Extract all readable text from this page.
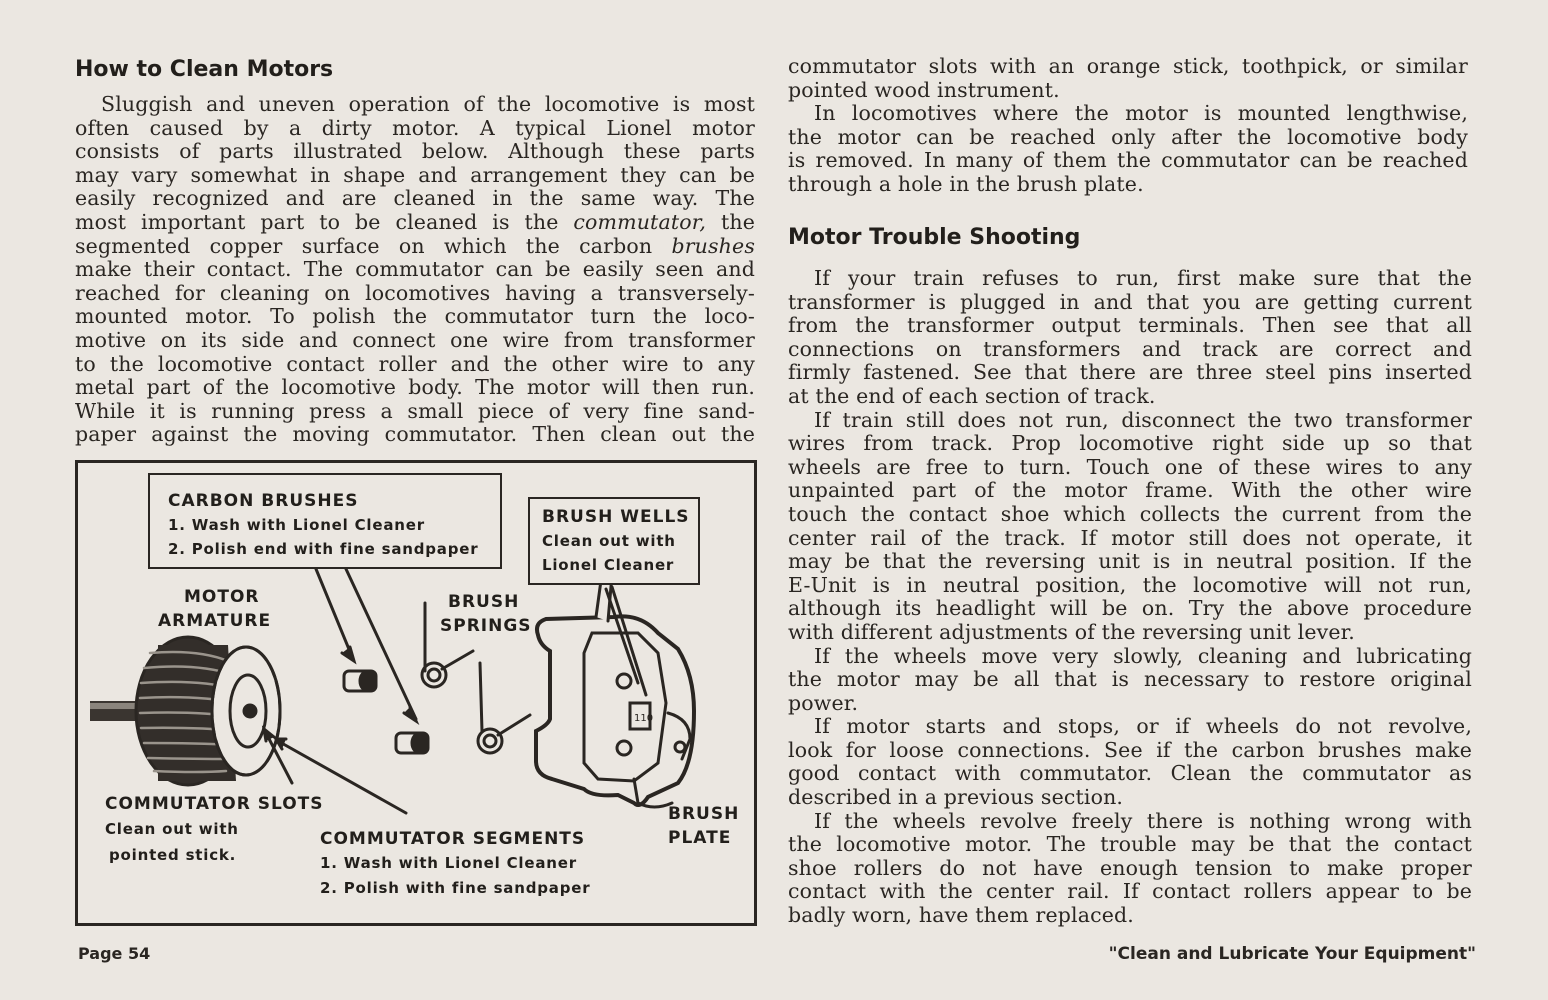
How to Clean Motors
Sluggish and uneven operation of the locomotive is most
often caused by a dirty motor. A typical Lionel motor
consists of parts illustrated below. Although these parts
may vary somewhat in shape and arrangement they can be
easily recognized and are cleaned in the same way. The
most important part to be cleaned is the commutator, the
segmented copper surface on which the carbon brushes
make their contact. The commutator can be easily seen and
reached for cleaning on locomotives having a transversely-
mounted motor. To polish the commutator turn the loco-
motive on its side and connect one wire from transformer
to the locomotive contact roller and the other wire to any
metal part of the locomotive body. The motor will then run.
While it is running press a small piece of very fine sand-
paper against the moving commutator. Then clean out the
110
CARBON BRUSHES
1. Wash with Lionel Cleaner
2. Polish end with fine sandpaper
BRUSH WELLS
Clean out with
Lionel Cleaner
MOTOR
ARMATURE
BRUSH
SPRINGS
COMMUTATOR SLOTS
Clean out with
pointed stick.
COMMUTATOR SEGMENTS
1. Wash with Lionel Cleaner
2. Polish with fine sandpaper
BRUSH
PLATE
commutator slots with an orange stick, toothpick, or similar
pointed wood instrument.
In locomotives where the motor is mounted lengthwise,
the motor can be reached only after the locomotive body
is removed. In many of them the commutator can be reached
through a hole in the brush plate.
Motor Trouble Shooting
If your train refuses to run, first make sure that the
transformer is plugged in and that you are getting current
from the transformer output terminals. Then see that all
connections on transformers and track are correct and
firmly fastened. See that there are three steel pins inserted
at the end of each section of track.
If train still does not run, disconnect the two transformer
wires from track. Prop locomotive right side up so that
wheels are free to turn. Touch one of these wires to any
unpainted part of the motor frame. With the other wire
touch the contact shoe which collects the current from the
center rail of the track. If motor still does not operate, it
may be that the reversing unit is in neutral position. If the
E-Unit is in neutral position, the locomotive will not run,
although its headlight will be on. Try the above procedure
with different adjustments of the reversing unit lever.
If the wheels move very slowly, cleaning and lubricating
the motor may be all that is necessary to restore original
power.
If motor starts and stops, or if wheels do not revolve,
look for loose connections. See if the carbon brushes make
good contact with commutator. Clean the commutator as
described in a previous section.
If the wheels revolve freely there is nothing wrong with
the locomotive motor. The trouble may be that the contact
shoe rollers do not have enough tension to make proper
contact with the center rail. If contact rollers appear to be
badly worn, have them replaced.
Page 54	"Clean and Lubricate Your Equipment"
